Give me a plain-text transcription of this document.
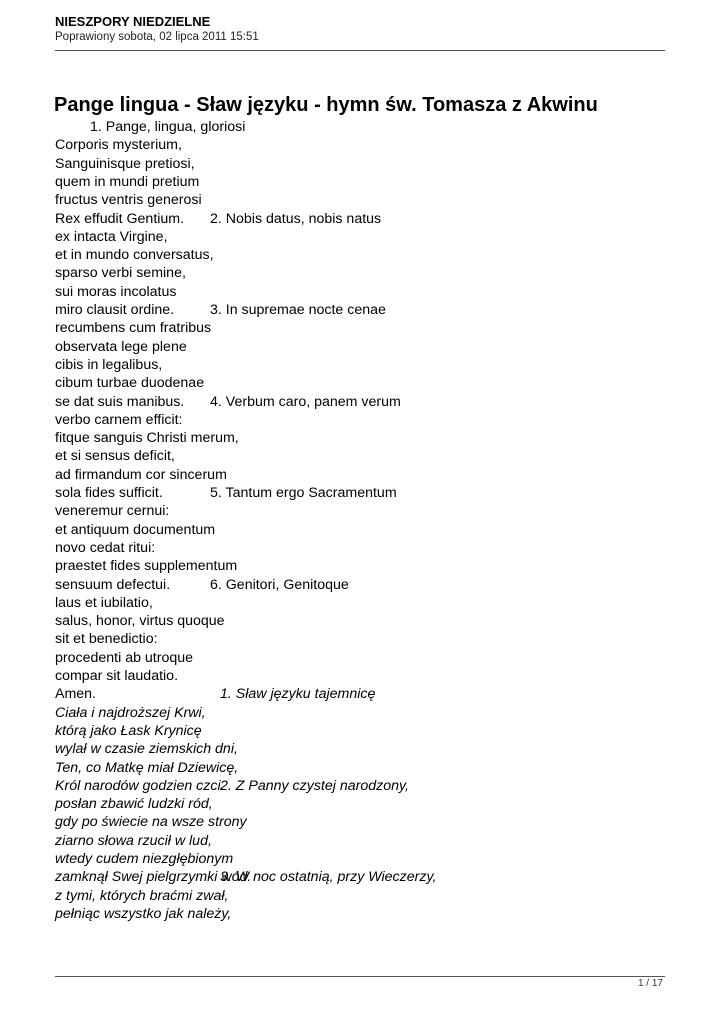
NIESZPORY NIEDZIELNE
Poprawiony sobota, 02 lipca 2011 15:51
Pange lingua - Sław języku - hymn św. Tomasza z Akwinu
1. Pange, lingua, gloriosi
Corporis mysterium,
Sanguinisque pretiosi,
quem in mundi pretium
fructus ventris generosi
Rex effudit Gentium. 2. Nobis datus, nobis natus
ex intacta Virgine,
et in mundo conversatus,
sparso verbi semine,
sui moras incolatus
miro clausit ordine.	3. In supremae nocte cenae
recumbens cum fratribus
observata lege plene
cibis in legalibus,
cibum turbae duodenae
se dat suis manibus. 4. Verbum caro, panem verum
verbo carnem efficit:
fitque sanguis Christi merum,
et si sensus deficit,
ad firmandum cor sincerum
sola fides sufficit.	5. Tantum ergo Sacramentum
veneremur cernui:
et antiquum documentum
novo cedat ritui:
praestet fides supplementum
sensuum defectui.	6. Genitori, Genitoque
laus et iubilatio,
salus, honor, virtus quoque
sit et benedictio:
procedenti ab utroque
compar sit laudatio.
Amen.	1. Sław języku tajemnicę
Ciała i najdroższej Krwi,
którą jako Łask Krynicę
wylał w czasie ziemskich dni,
Ten, co Matkę miał Dziewicę,
Król narodów godzien czci.
2. Z Panny czystej narodzony,
posłan zbawić ludzki ród,
gdy po świecie na wsze strony
ziarno słowa rzucił w lud,
wtedy cudem niezgłębionym
zamknął Swej pielgrzymki wód.
3. W noc ostatnią, przy Wieczerzy,
z tymi, których braćmi zwał,
pełniąc wszystko jak należy,
1 / 17
